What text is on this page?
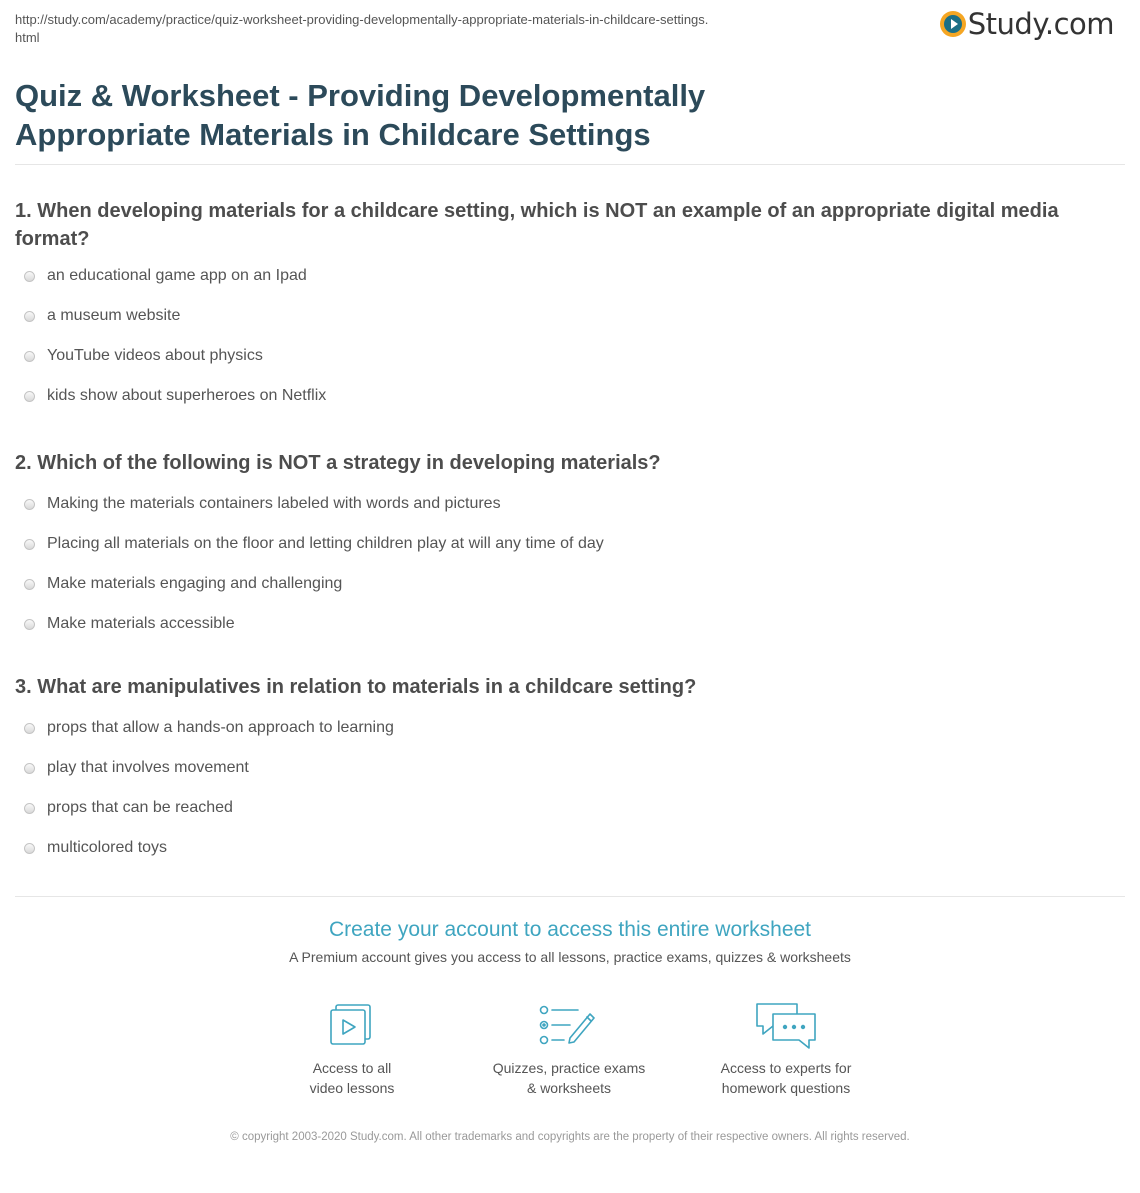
http://study.com/academy/practice/quiz-worksheet-providing-developmentally-appropriate-materials-in-childcare-settings.html	Study.com
Quiz & Worksheet - Providing Developmentally
Appropriate Materials in Childcare Settings
1. When developing materials for a childcare setting, which is NOT an example of an appropriate digital media format?
an educational game app on an Ipad
a museum website
YouTube videos about physics
kids show about superheroes on Netflix
2. Which of the following is NOT a strategy in developing materials?
Making the materials containers labeled with words and pictures
Placing all materials on the floor and letting children play at will any time of day
Make materials engaging and challenging
Make materials accessible
3. What are manipulatives in relation to materials in a childcare setting?
props that allow a hands-on approach to learning
play that involves movement
props that can be reached
multicolored toys
Create your account to access this entire worksheet
A Premium account gives you access to all lessons, practice exams, quizzes & worksheets
Access to all
video lessons
Quizzes, practice exams
& worksheets
Access to experts for
homework questions
© copyright 2003-2020 Study.com. All other trademarks and copyrights are the property of their respective owners. All rights reserved.
